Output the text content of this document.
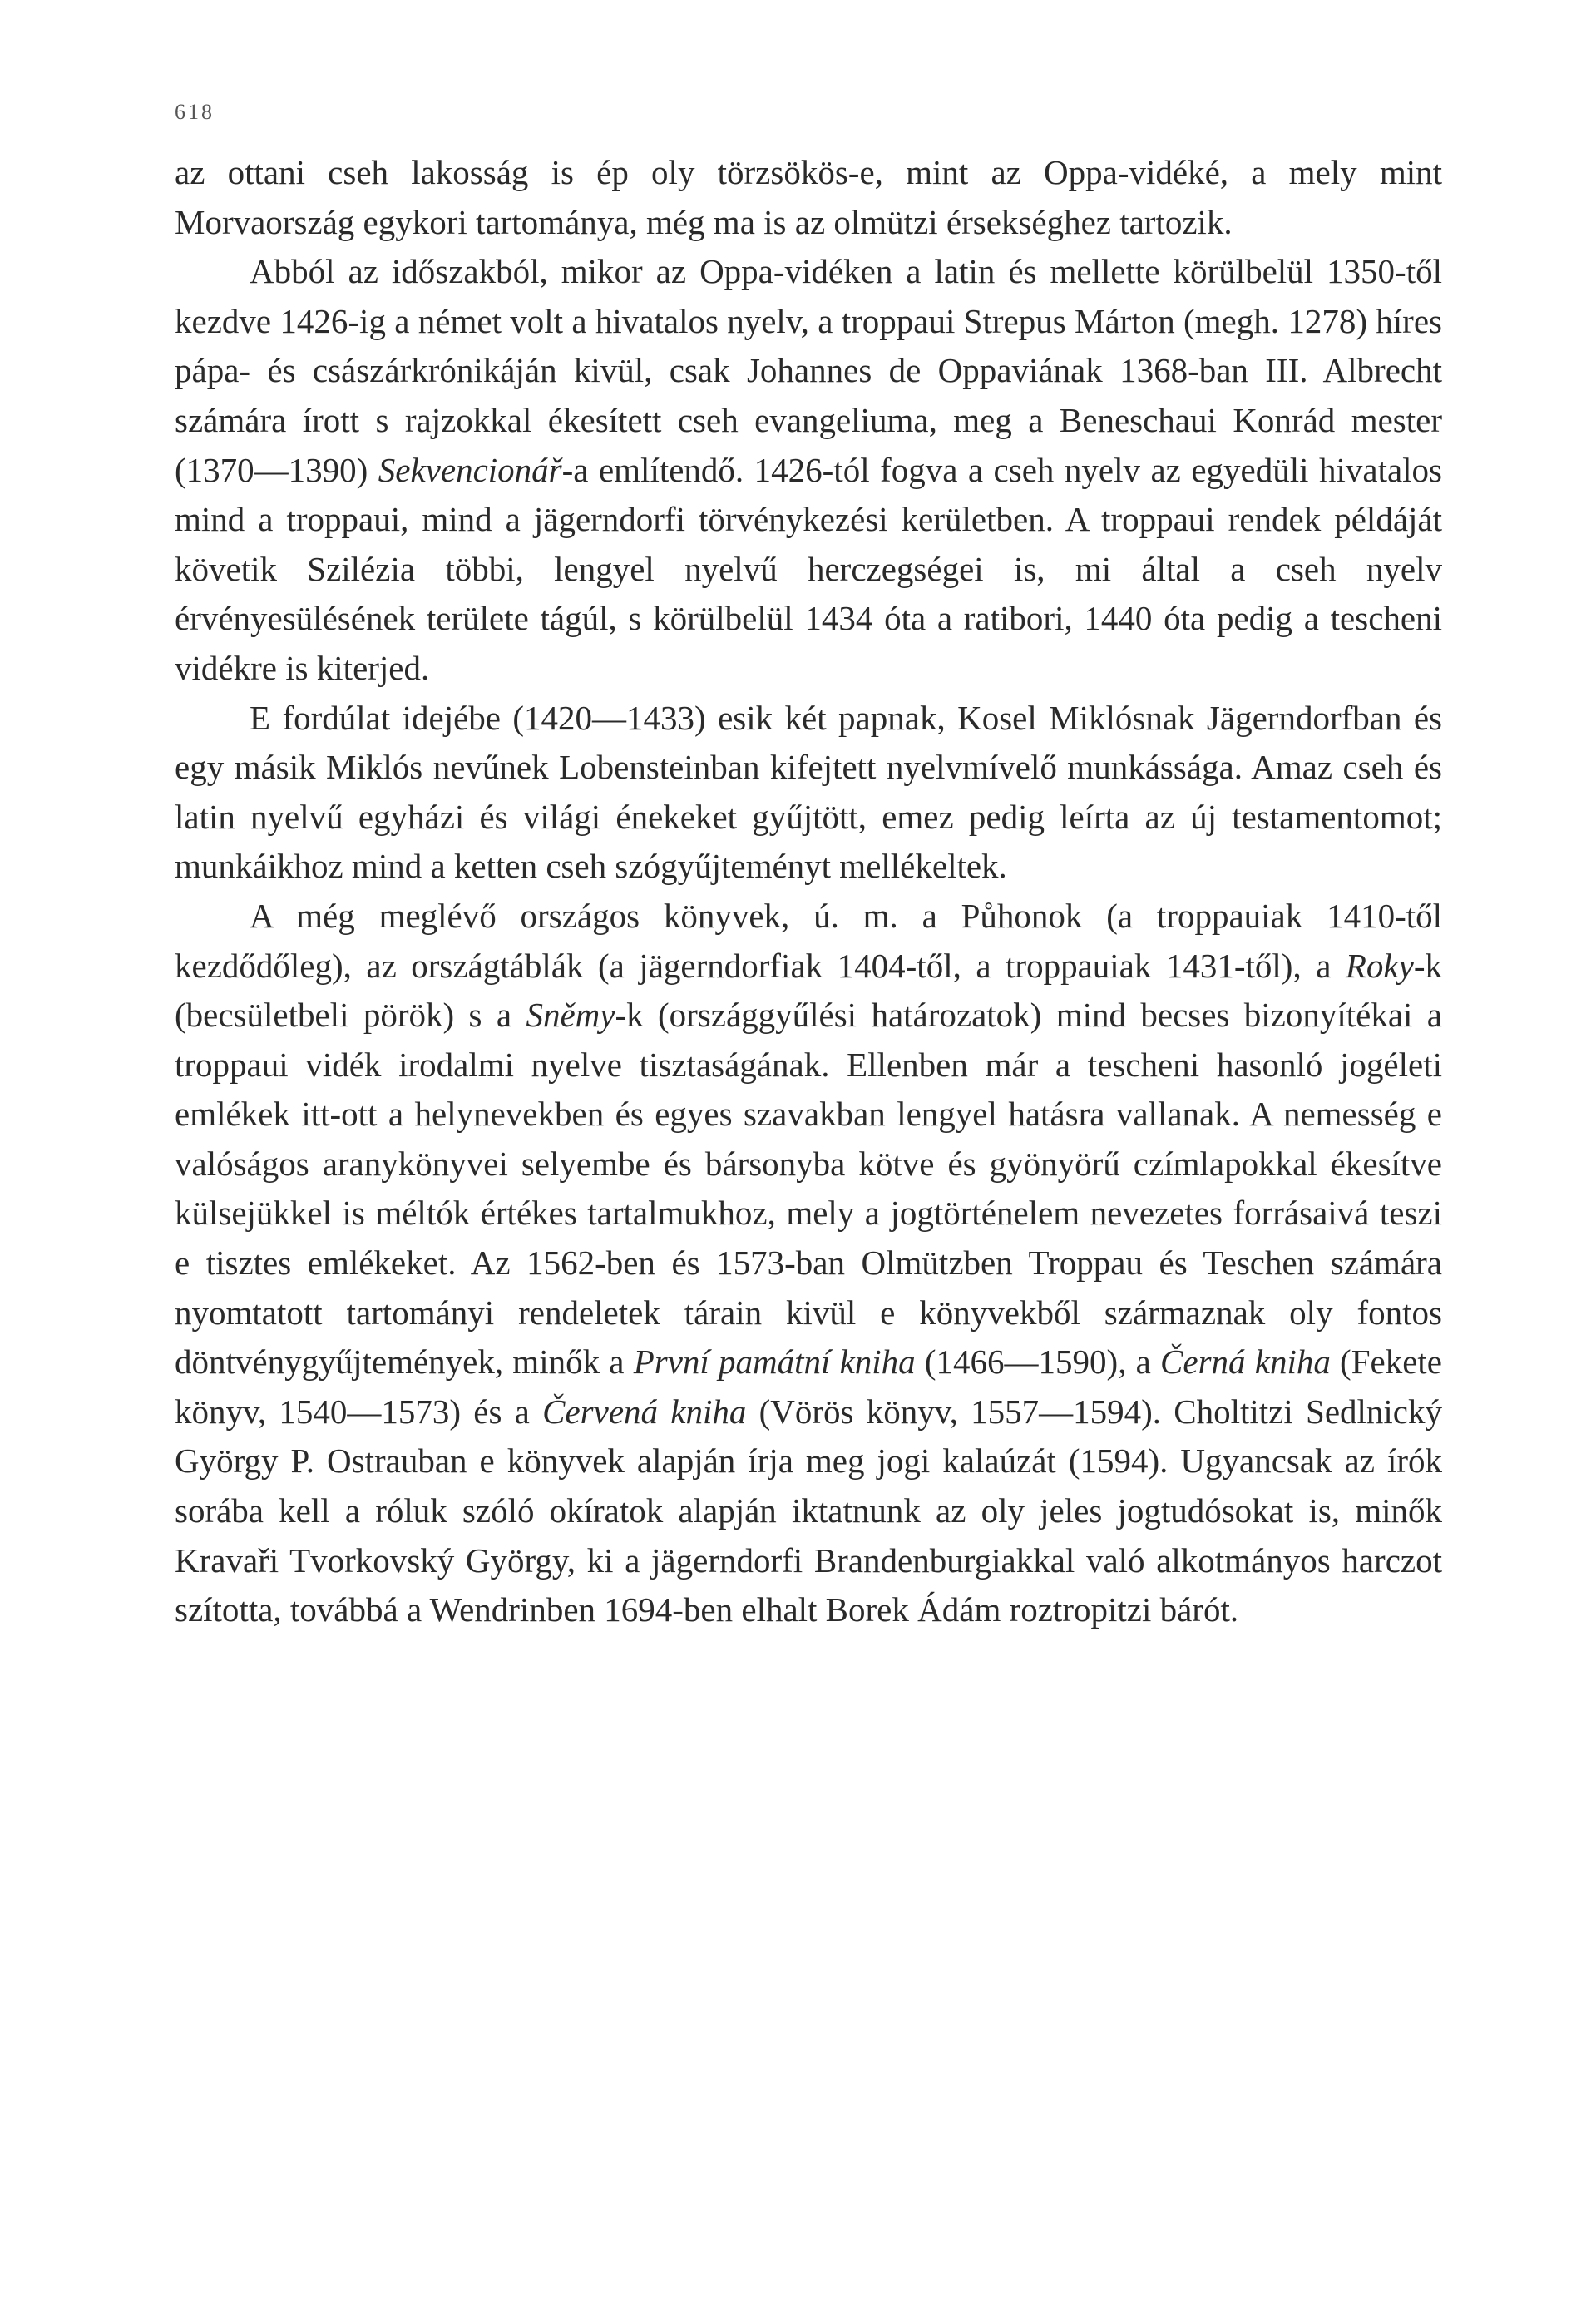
618

az ottani cseh lakosság is ép oly törzsökös-e, mint az Oppa-vidéké, a mely mint Morvaország egykori tartománya, még ma is az olmützi érsekséghez tartozik.

Abból az időszakból, mikor az Oppa-vidéken a latin és mellette körülbelül 1350-től kezdve 1426-ig a német volt a hivatalos nyelv, a troppaui Strepus Márton (megh. 1278) híres pápa- és császárkrónikáján kivül, csak Johannes de Oppaviának 1368-ban III. Albrecht számára írott s rajzokkal ékesített cseh evangeliuma, meg a Beneschaui Konrád mester (1370—1390) Sekvencionář-a említendő. 1426-tól fogva a cseh nyelv az egyedüli hivatalos mind a troppaui, mind a jägerndorfi törvénykezési kerületben. A troppaui rendek példáját követik Szilézia többi, lengyel nyelvű herczegségei is, mi által a cseh nyelv érvényesülésének területe tágúl, s körülbelül 1434 óta a ratibori, 1440 óta pedig a tescheni vidékre is kiterjed.

E fordúlat idejébe (1420—1433) esik két papnak, Kosel Miklósnak Jägerndorfban és egy másik Miklós nevűnek Lobensteinban kifejtett nyelvmívelő munkássága. Amaz cseh és latin nyelvű egyházi és világi énekeket gyűjtött, emez pedig leírta az új testamentomot; munkáikhoz mind a ketten cseh szógyűjteményt mellékeltek.

A még meglévő országos könyvek, ú. m. a Půhonok (a troppauiak 1410-től kezdődőleg), az országtáblák (a jägerndorfiak 1404-től, a troppauiak 1431-től), a Roky-k (becsületbeli pörök) s a Sněmy-k (országgyűlési határozatok) mind becses bizonyítékai a troppaui vidék irodalmi nyelve tisztaságának. Ellenben már a tescheni hasonló jogéleti emlékek itt-ott a helynevekben és egyes szavakban lengyel hatásra vallanak. A nemesség e valóságos aranykönyvei selyembe és bársonyba kötve és gyönyörű czímlapokkal ékesítve külsejükkel is méltók értékes tartalmukhoz, mely a jogtörténelem nevezetes forrásaivá teszi e tisztes emlékeket. Az 1562-ben és 1573-ban Olmützben Troppau és Teschen számára nyomtatott tartományi rendeletek tárain kivül e könyvekből származnak oly fontos döntvénygyűjtemények, minők a První památní kniha (1466—1590), a Černá kniha (Fekete könyv, 1540—1573) és a Červená kniha (Vörös könyv, 1557—1594). Choltitzi Sedlnický György P. Ostrauban e könyvek alapján írja meg jogi kalaúzát (1594). Ugyancsak az írók sorába kell a róluk szóló okíratok alapján iktatnunk az oly jeles jogtudósokat is, minők Kravaři Tvorkovský György, ki a jägerndorfi Brandenburgiakkal való alkotmányos harczot szította, továbbá a Wendrinben 1694-ben elhalt Borek Ádám roztropitzi bárót.
